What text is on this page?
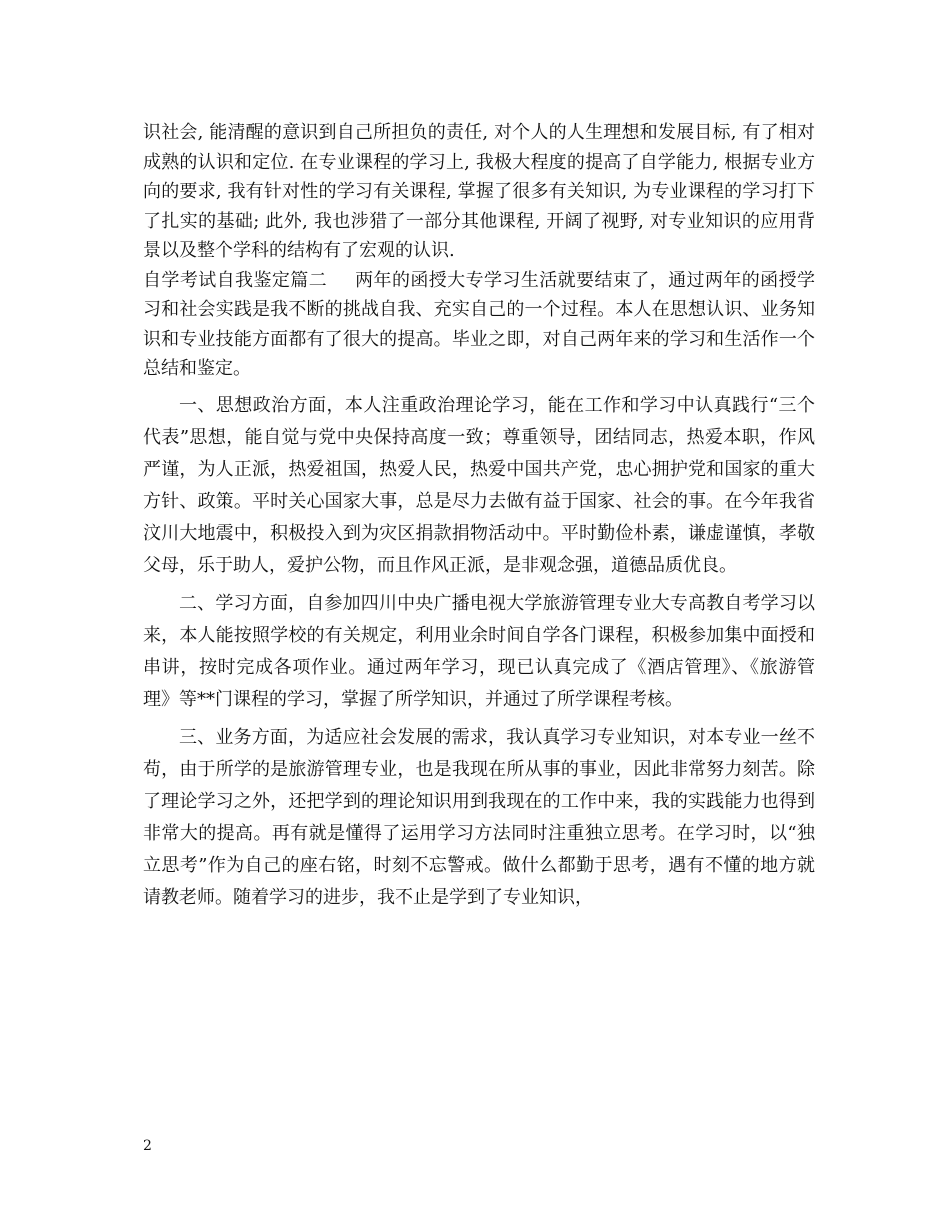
识社会, 能清醒的意识到自己所担负的责任, 对个人的人生理想和发展目标, 有了相对成熟的认识和定位. 在专业课程的学习上, 我极大程度的提高了自学能力, 根据专业方向的要求, 我有针对性的学习有关课程, 掌握了很多有关知识, 为专业课程的学习打下了扎实的基础; 此外, 我也涉猎了一部分其他课程, 开阔了视野, 对专业知识的应用背景以及整个学科的结构有了宏观的认识.

自学考试自我鉴定篇二 两年的函授大专学习生活就要结束了，通过两年的函授学习和社会实践是我不断的挑战自我、充实自己的一个过程。本人在思想认识、业务知识和专业技能方面都有了很大的提高。毕业之即，对自己两年来的学习和生活作一个总结和鉴定。

一、思想政治方面，本人注重政治理论学习，能在工作和学习中认真践行“三个代表”思想，能自觉与党中央保持高度一致；尊重领导，团结同志，热爱本职，作风严谨，为人正派，热爱祖国，热爱人民，热爱中国共产党，忠心拥护党和国家的重大方针、政策。平时关心国家大事，总是尽力去做有益于国家、社会的事。在今年我省汶川大地震中，积极投入到为灾区捐款捐物活动中。平时勤俭朴素，谦虚谨慎，孝敬父母，乐于助人，爱护公物，而且作风正派，是非观念强，道德品质优良。

二、学习方面，自参加四川中央广播电视大学旅游管理专业大专高教自考学习以来，本人能按照学校的有关规定，利用业余时间自学各门课程，积极参加集中面授和串讲，按时完成各项作业。通过两年学习，现已认真完成了《酒店管理》、《旅游管理》等**门课程的学习，掌握了所学知识，并通过了所学课程考核。

三、业务方面，为适应社会发展的需求，我认真学习专业知识，对本专业一丝不苟，由于所学的是旅游管理专业，也是我现在所从事的事业，因此非常努力刻苦。除了理论学习之外，还把学到的理论知识用到我现在的工作中来，我的实践能力也得到非常大的提高。再有就是懂得了运用学习方法同时注重独立思考。在学习时，以“独立思考”作为自己的座右铭，时刻不忘警戒。做什么都勤于思考，遇有不懂的地方就请教老师。随着学习的进步，我不止是学到了专业知识，

2
